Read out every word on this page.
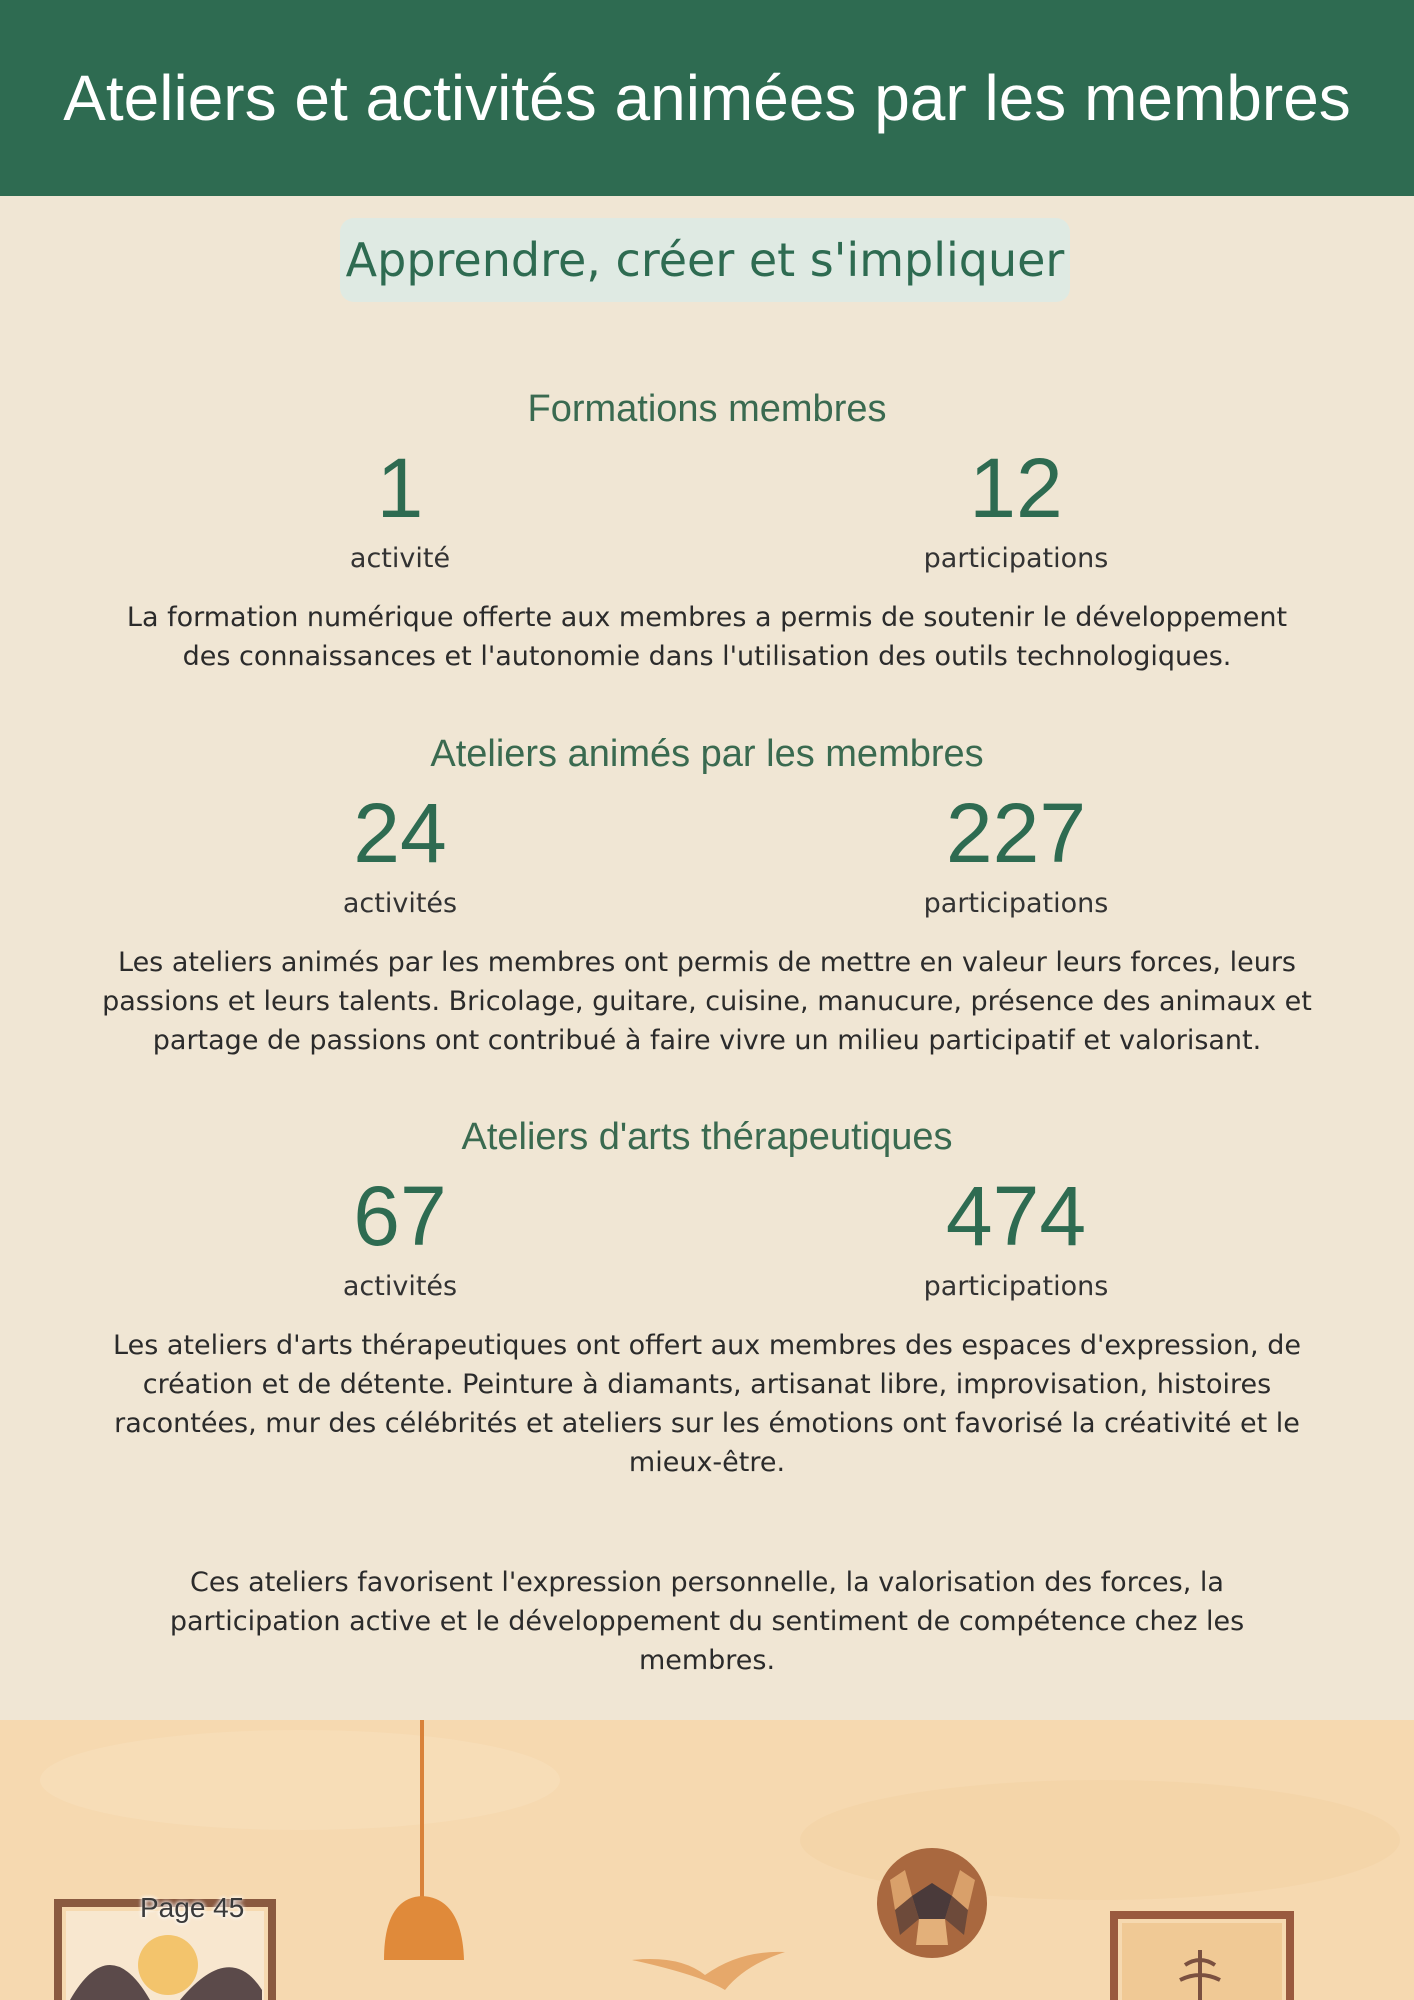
Ateliers et activités animées par les membres
Apprendre, créer et s'impliquer
Formations membres
1
activité
12
participations

La formation numérique offerte aux membres a permis de soutenir le développement des connaissances et l'autonomie dans l'utilisation des outils technologiques.

Ateliers animés par les membres
24
activités
227
participations

Les ateliers animés par les membres ont permis de mettre en valeur leurs forces, leurs passions et leurs talents. Bricolage, guitare, cuisine, manucure, présence des animaux et partage de passions ont contribué à faire vivre un milieu participatif et valorisant.

Ateliers d'arts thérapeutiques
67
activités
474
participations

Les ateliers d'arts thérapeutiques ont offert aux membres des espaces d'expression, de création et de détente. Peinture à diamants, artisanat libre, improvisation, histoires racontées, mur des célébrités et ateliers sur les émotions ont favorisé la créativité et le mieux-être.

Ces ateliers favorisent l'expression personnelle, la valorisation des forces, la participation active et le développement du sentiment de compétence chez les membres.

Page 45
